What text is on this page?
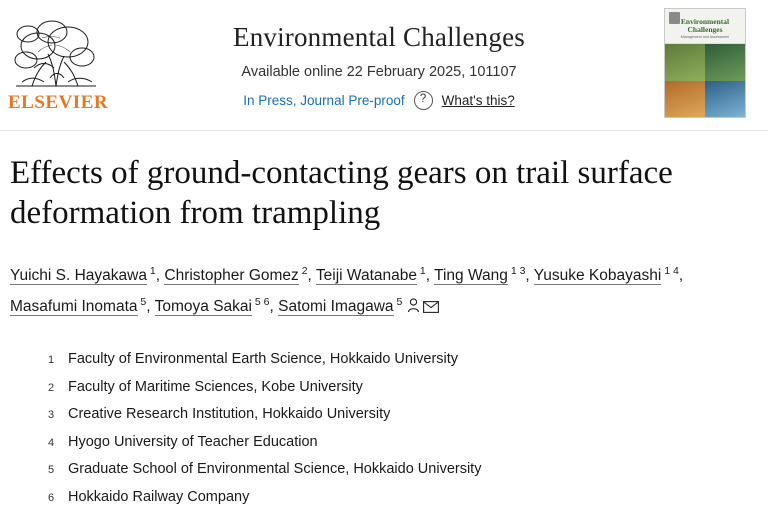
ELSEVIER
Environmental Challenges
Available online 22 February 2025, 101107
In Press, Journal Pre-proof	?	What's this?
Environmental Challenges
Management and Assessment
Effects of ground-contacting gears on trail surface deformation from trampling
Yuichi S. Hayakawa $^1$, Christopher Gomez $^2$, Teiji Watanabe $^1$, Ting Wang $^{1 3}$, Yusuke Kobayashi $^{1 4}$, Masafumi Inomata $^5$, Tomoya Sakai $^{5 6}$, Satomi Imagawa $^5$
1 Faculty of Environmental Earth Science, Hokkaido University
2 Faculty of Maritime Sciences, Kobe University
3 Creative Research Institution, Hokkaido University
4 Hyogo University of Teacher Education
5 Graduate School of Environmental Science, Hokkaido University
6 Hokkaido Railway Company
